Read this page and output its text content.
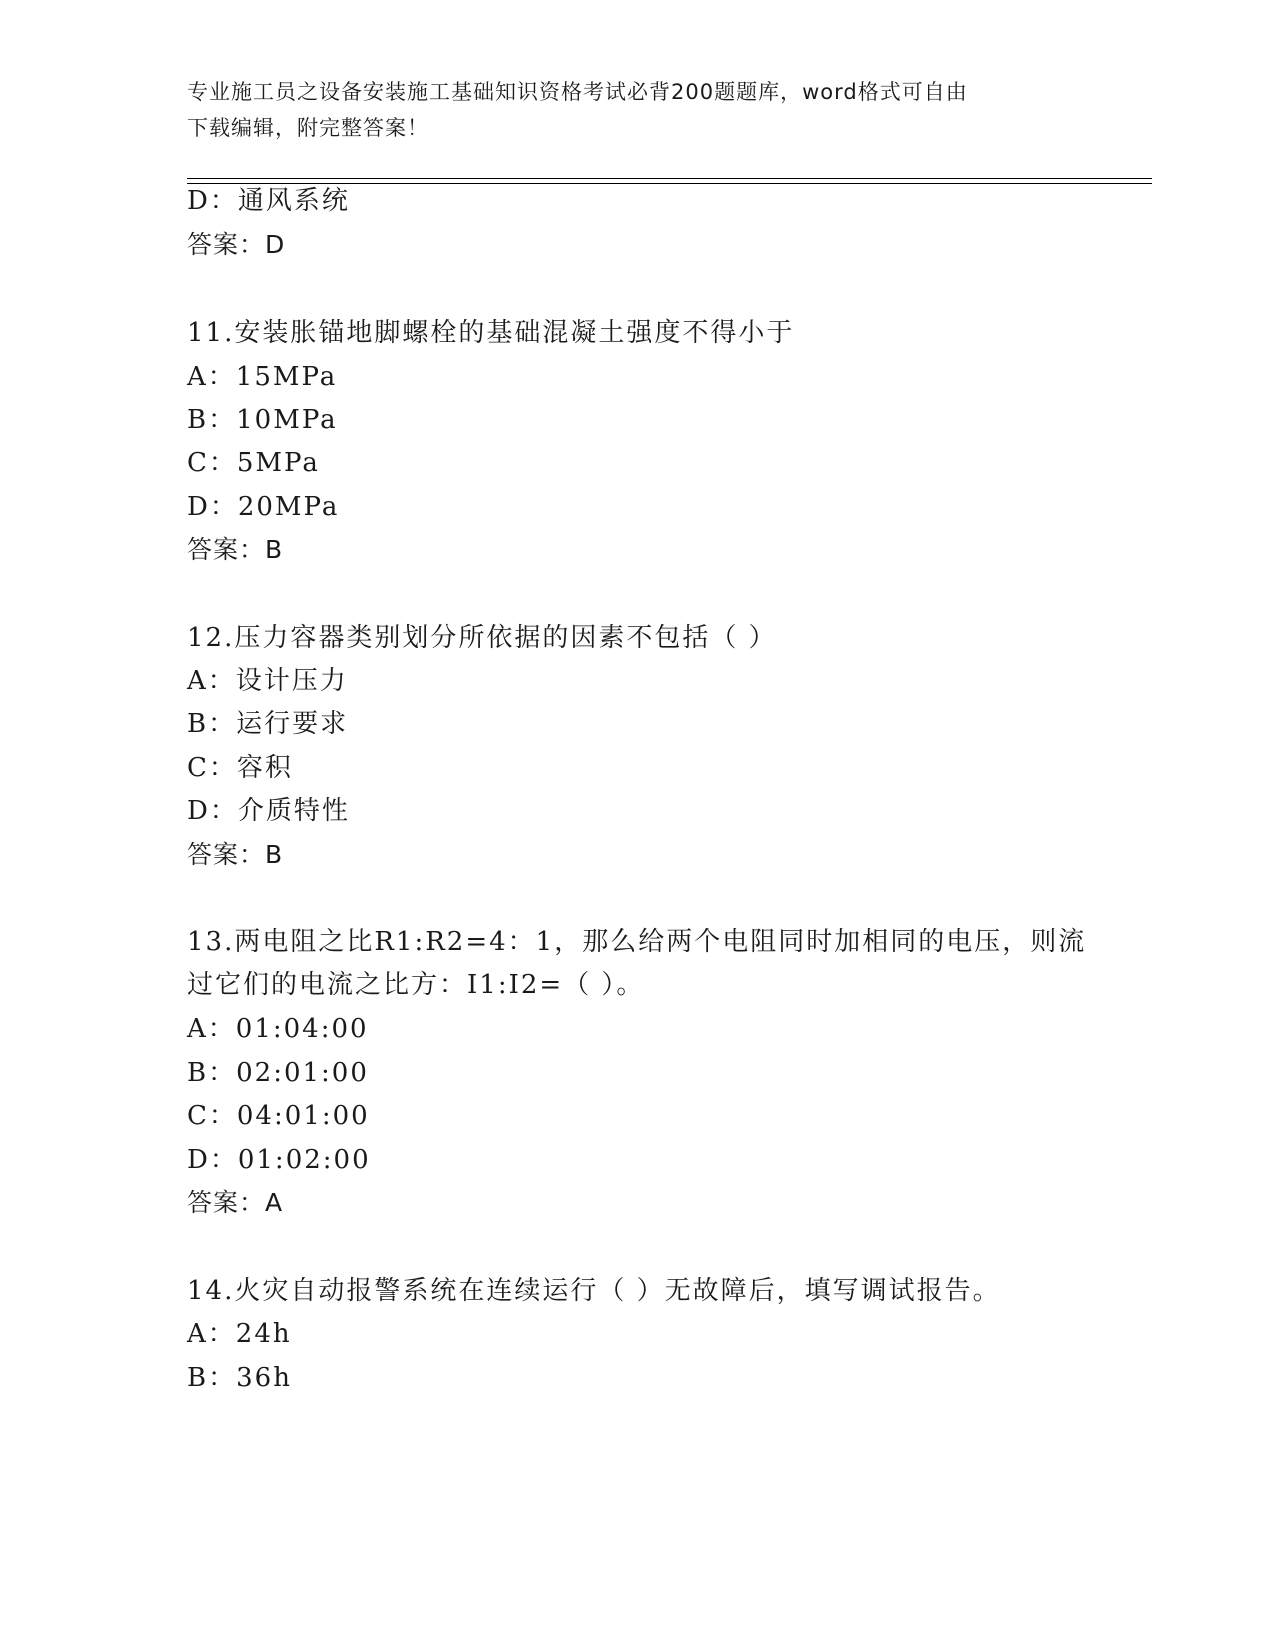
专业施工员之设备安装施工基础知识资格考试必背200题题库，word格式可自由
下载编辑，附完整答案！
D：通风系统
答案：D
11.安装胀锚地脚螺栓的基础混凝土强度不得小于
A：15MPa
B：10MPa
C：5MPa
D：20MPa
答案：B
12.压力容器类别划分所依据的因素不包括（ ）
A：设计压力
B：运行要求
C：容积
D：介质特性
答案：B
13.两电阻之比R1:R2=4：1，那么给两个电阻同时加相同的电压，则流
过它们的电流之比方：I1:I2=（ ）。
A：01:04:00
B：02:01:00
C：04:01:00
D：01:02:00
答案：A
14.火灾自动报警系统在连续运行（ ）无故障后，填写调试报告。
A：24h
B：36h
